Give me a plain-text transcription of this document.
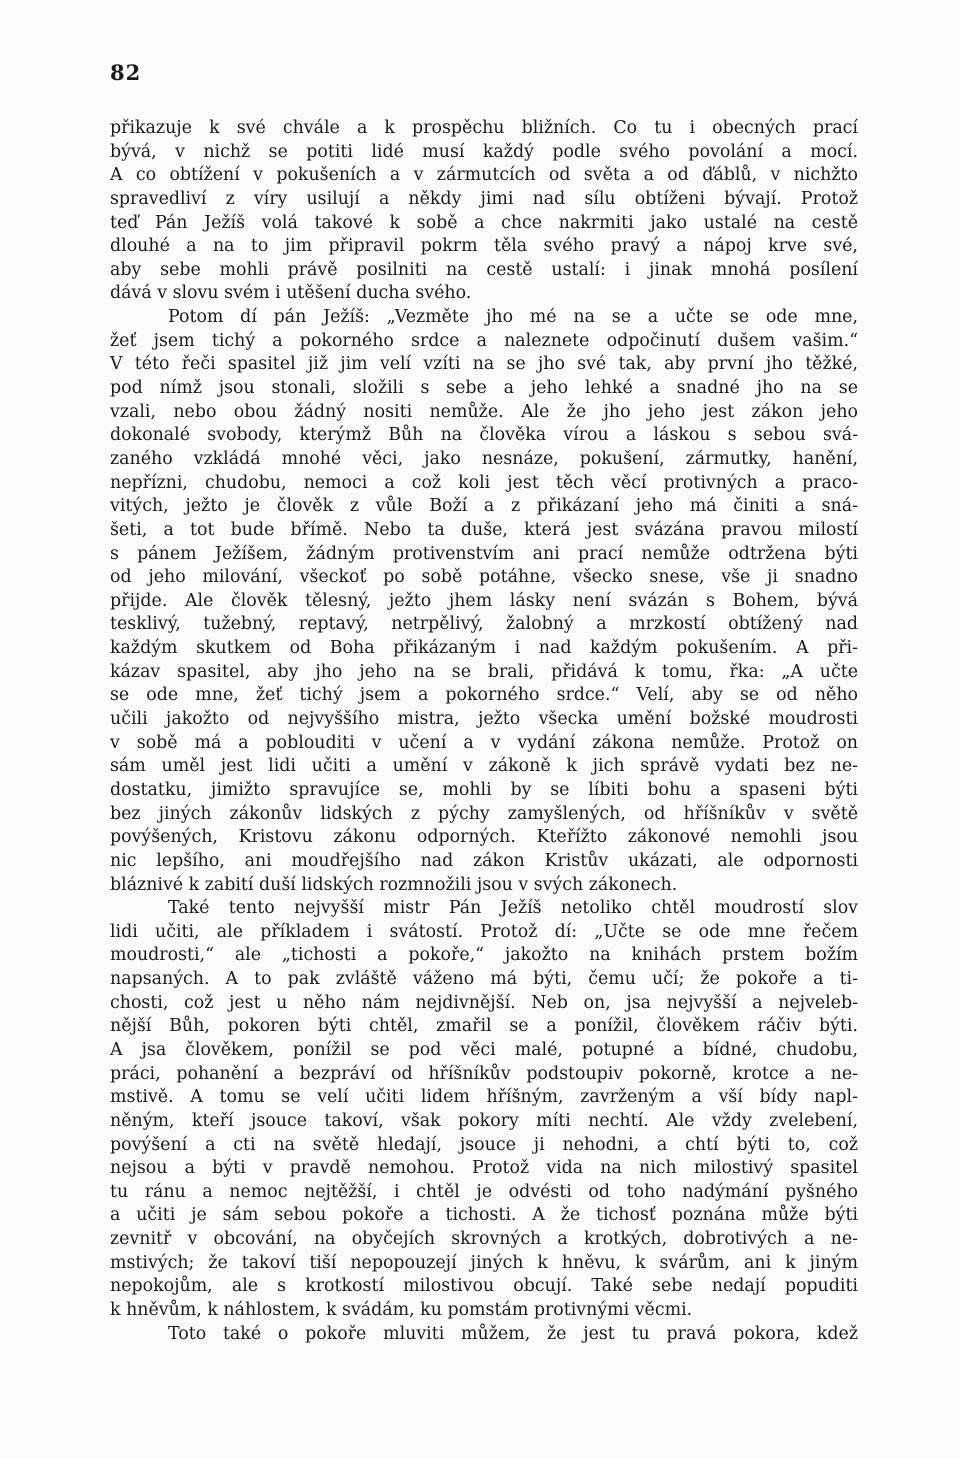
82
přikazuje k své chvále a k prospěchu bližních. Co tu i obecných prací
bývá, v nichž se potiti lidé musí každý podle svého povolání a mocí.
A co obtížení v pokušeních a v zármutcích od světa a od ďáblů, v nichžto
spravedliví z víry usilují a někdy jimi nad sílu obtíženi bývají. Protož
teď Pán Ježíš volá takové k sobě a chce nakrmiti jako ustalé na cestě
dlouhé a na to jim připravil pokrm těla svého pravý a nápoj krve své,
aby sebe mohli právě posilniti na cestě ustalí: i jinak mnohá posílení
dává v slovu svém i utěšení ducha svého.
Potom dí pán Ježíš: „Vezměte jho mé na se a učte se ode mne,
žeť jsem tichý a pokorného srdce a naleznete odpočinutí dušem vašim.“
V této řeči spasitel již jim velí vzíti na se jho své tak, aby první jho těžké,
pod nímž jsou stonali, složili s sebe a jeho lehké a snadné jho na se
vzali, nebo obou žádný nositi nemůže. Ale že jho jeho jest zákon jeho
dokonalé svobody, kterýmž Bůh na člověka vírou a láskou s sebou svá-
zaného vzkládá mnohé věci, jako nesnáze, pokušení, zármutky, hanění,
nepřízni, chudobu, nemoci a což koli jest těch věcí protivných a praco-
vitých, ježto je člověk z vůle Boží a z přikázaní jeho má činiti a sná-
šeti, a tot bude břímě. Nebo ta duše, která jest svázána pravou milostí
s pánem Ježíšem, žádným protivenstvím ani prací nemůže odtržena býti
od jeho milování, všeckoť po sobě potáhne, všecko snese, vše ji snadno
přijde. Ale člověk tělesný, ježto jhem lásky není svázán s Bohem, bývá
tesklivý, tužebný, reptavý, netrpělivý, žalobný a mrzkostí obtížený nad
každým skutkem od Boha přikázaným i nad každým pokušením. A při-
kázav spasitel, aby jho jeho na se brali, přidává k tomu, řka: „A učte
se ode mne, žeť tichý jsem a pokorného srdce.“ Velí, aby se od něho
učili jakožto od nejvyššího mistra, ježto všecka umění božské moudrosti
v sobě má a poblouditi v učení a v vydání zákona nemůže. Protož on
sám uměl jest lidi učiti a umění v zákoně k jich správě vydati bez ne-
dostatku, jimižto spravujíce se, mohli by se líbiti bohu a spaseni býti
bez jiných zákonův lidských z pýchy zamyšlených, od hříšníkův v světě
povýšených, Kristovu zákonu odporných. Kteřížto zákonové nemohli jsou
nic lepšího, ani moudřejšího nad zákon Kristův ukázati, ale odpornosti
bláznivé k zabití duší lidských rozmnožili jsou v svých zákonech.
Také tento nejvyšší mistr Pán Ježíš netoliko chtěl moudrostí slov
lidi učiti, ale příkladem i svátostí. Protož dí: „Učte se ode mne řečem
moudrosti,“ ale „tichosti a pokoře,“ jakožto na knihách prstem božím
napsaných. A to pak zvláště váženo má býti, čemu učí; že pokoře a ti-
chosti, což jest u něho nám nejdivnější. Neb on, jsa nejvyšší a nejveleb-
nější Bůh, pokoren býti chtěl, zmařil se a ponížil, člověkem ráčiv býti.
A jsa člověkem, ponížil se pod věci malé, potupné a bídné, chudobu,
práci, pohanění a bezpráví od hříšníkův podstoupiv pokorně, krotce a ne-
mstivě. A tomu se velí učiti lidem hříšným, zavrženým a vší bídy napl-
něným, kteří jsouce takoví, však pokory míti nechtí. Ale vždy zvelebení,
povýšení a cti na světě hledají, jsouce ji nehodni, a chtí býti to, což
nejsou a býti v pravdě nemohou. Protož vida na nich milostivý spasitel
tu ránu a nemoc nejtěžší, i chtěl je odvésti od toho nadýmání pyšného
a učiti je sám sebou pokoře a tichosti. A že tichosť poznána může býti
zevnitř v obcování, na obyčejích skrovných a krotkých, dobrotivých a ne-
mstivých; že takoví tiší nepopouzejí jiných k hněvu, k svárům, ani k jiným
nepokojům, ale s krotkostí milostivou obcují. Také sebe nedají popuditi
k hněvům, k náhlostem, k svádám, ku pomstám protivnými věcmi.
Toto také o pokoře mluviti můžem, že jest tu pravá pokora, kdež
